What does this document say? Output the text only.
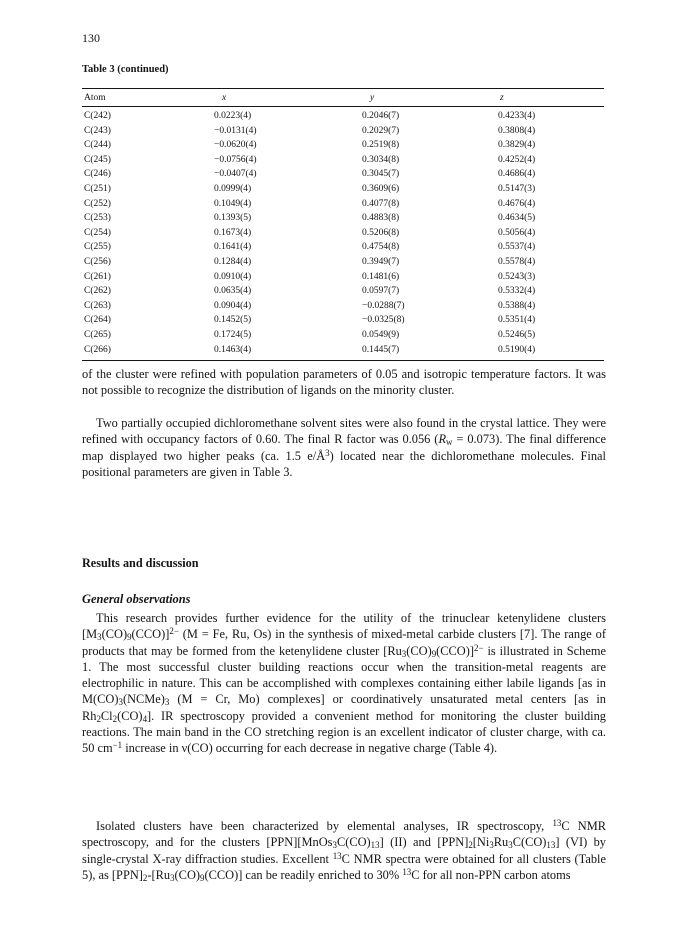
130
Table 3 (continued)
Atom	x	y	z
C(242)	0.0223(4)	0.2046(7)	0.4233(4)
C(243)	−0.0131(4)	0.2029(7)	0.3808(4)
C(244)	−0.0620(4)	0.2519(8)	0.3829(4)
C(245)	−0.0756(4)	0.3034(8)	0.4252(4)
C(246)	−0.0407(4)	0.3045(7)	0.4686(4)
C(251)	0.0999(4)	0.3609(6)	0.5147(3)
C(252)	0.1049(4)	0.4077(8)	0.4676(4)
C(253)	0.1393(5)	0.4883(8)	0.4634(5)
C(254)	0.1673(4)	0.5206(8)	0.5056(4)
C(255)	0.1641(4)	0.4754(8)	0.5537(4)
C(256)	0.1284(4)	0.3949(7)	0.5578(4)
C(261)	0.0910(4)	0.1481(6)	0.5243(3)
C(262)	0.0635(4)	0.0597(7)	0.5332(4)
C(263)	0.0904(4)	−0.0288(7)	0.5388(4)
C(264)	0.1452(5)	−0.0325(8)	0.5351(4)
C(265)	0.1724(5)	0.0549(9)	0.5246(5)
C(266)	0.1463(4)	0.1445(7)	0.5190(4)

of the cluster were refined with population parameters of 0.05 and isotropic temperature factors. It was not possible to recognize the distribution of ligands on the minority cluster.

Two partially occupied dichloromethane solvent sites were also found in the crystal lattice. They were refined with occupancy factors of 0.60. The final R factor was 0.056 $(R_w = 0.073)$. The final difference map displayed two higher peaks (ca. 1.5 $e/Å^3$) located near the dichloromethane molecules. Final positional parameters are given in Table 3.

Results and discussion
General observations

This research provides further evidence for the utility of the trinuclear ketenylidene clusters $[M_3(CO)_9(CCO)]^{2-}$ (M = Fe, Ru, Os) in the synthesis of mixed-metal carbide clusters [7]. The range of products that may be formed from the ketenylidene cluster $[Ru_3(CO)_9(CCO)]^{2-}$ is illustrated in Scheme 1. The most successful cluster building reactions occur when the transition-metal reagents are electrophilic in nature. This can be accomplished with complexes containing either labile ligands [as in $M(CO)_3(NCMe)_3$ (M = Cr, Mo) complexes] or coordinatively unsaturated metal centers [as in $Rh_2Cl_2(CO)_4$]. IR spectroscopy provided a convenient method for monitoring the cluster building reactions. The main band in the CO stretching region is an excellent indicator of cluster charge, with ca. 50 $cm^{-1}$ increase in ν(CO) occurring for each decrease in negative charge (Table 4).

Isolated clusters have been characterized by elemental analyses, IR spectroscopy, $^{13}$C NMR spectroscopy, and for the clusters $[PPN][MnOs_3C(CO)_{13}]$ (II) and $[PPN]_2[Ni_3Ru_3C(CO)_{13}]$ (VI) by single-crystal X-ray diffraction studies. Excellent $^{13}$C NMR spectra were obtained for all clusters (Table 5), as $[PPN]_2-[Ru_3(CO)_9(CCO)]$ can be readily enriched to 30% $^{13}$C for all non-PPN carbon atoms
